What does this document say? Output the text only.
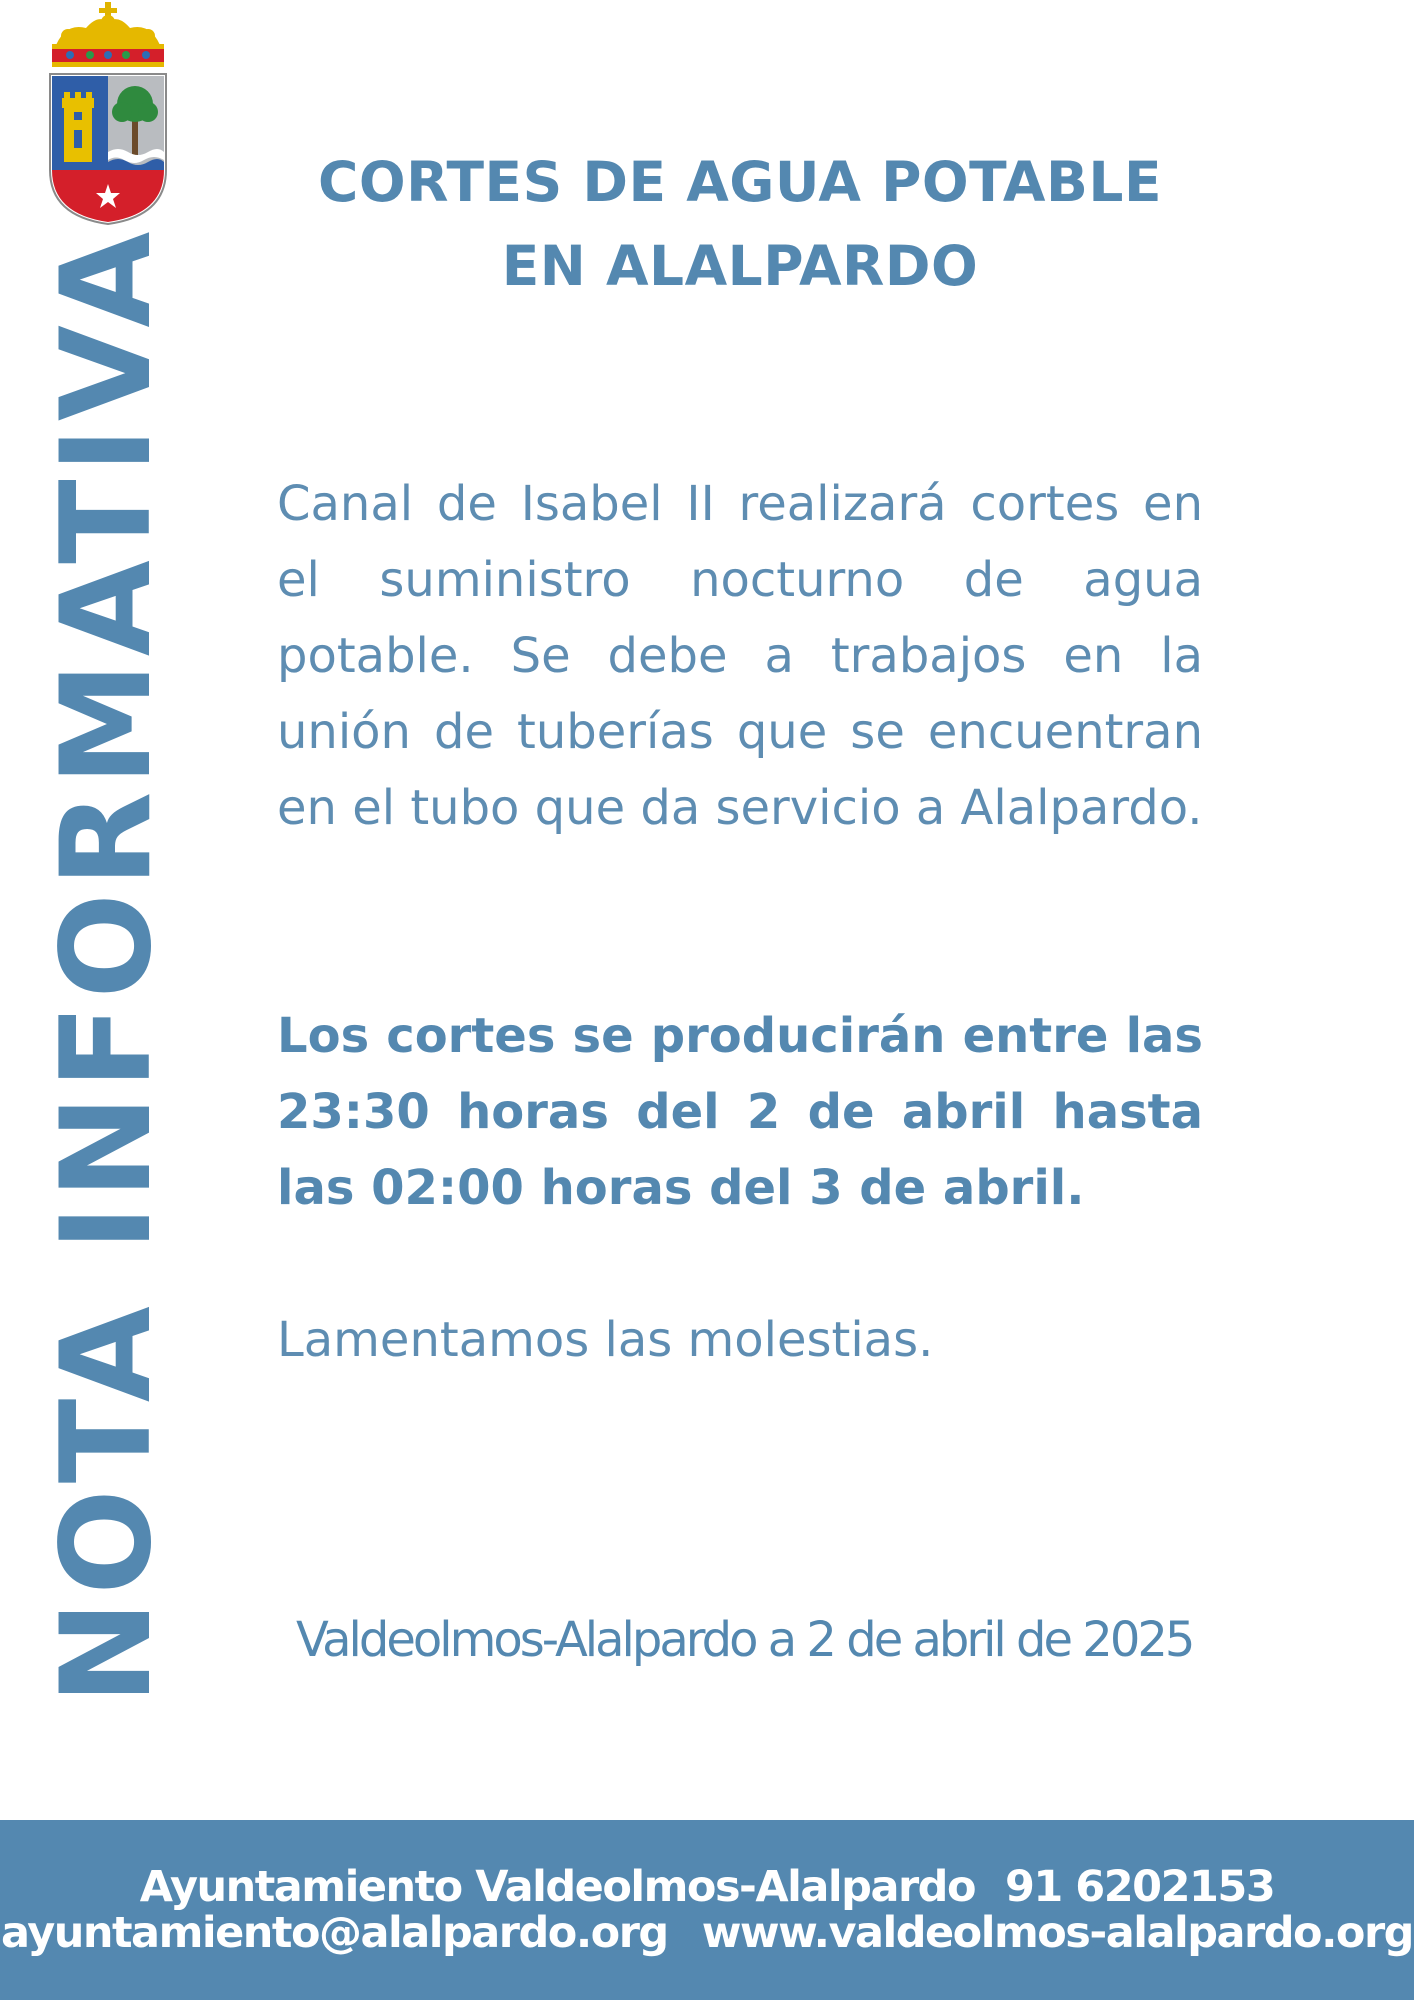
NOTA INFORMATIVA
CORTES DE AGUA POTABLE
EN ALALPARDO
Canal de Isabel II realizará cortes en el suministro nocturno de agua potable. Se debe a trabajos en la unión de tuberías que se encuentran en el tubo que da servicio a Alalpardo.
Los cortes se producirán entre las 23:30 horas del 2 de abril hasta las 02:00 horas del 3 de abril.
Lamentamos las molestias.
Valdeolmos-Alalpardo a 2 de abril de 2025
Ayuntamiento Valdeolmos-Alalpardo 91 6202153
ayuntamiento@alalpardo.org www.valdeolmos-alalpardo.org
